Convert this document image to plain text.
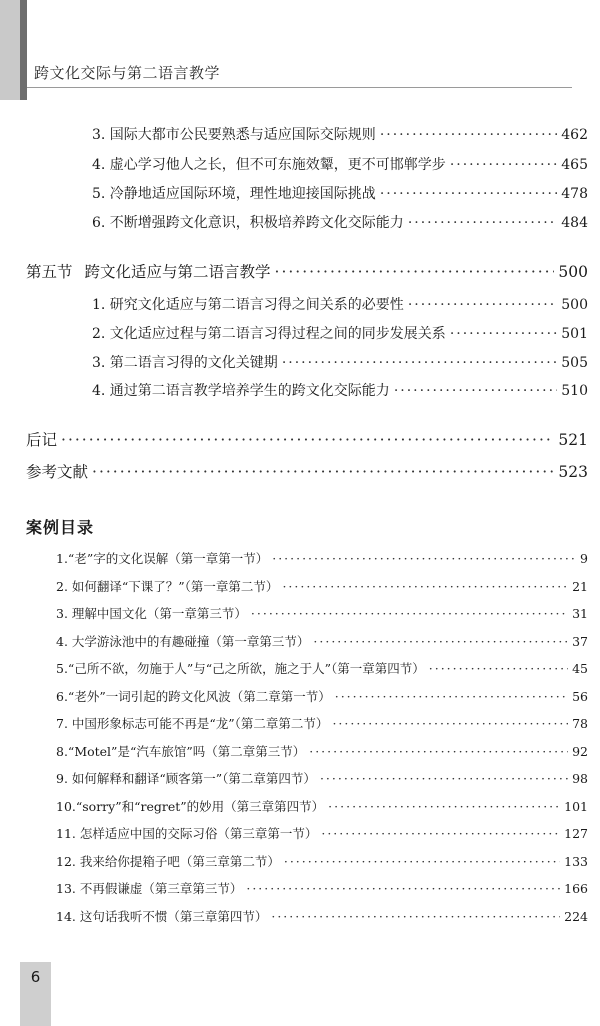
跨文化交际与第二语言教学
3. 国际大都市公民要熟悉与适应国际交际规则 ·····	462
4. 虚心学习他人之长，但不可东施效颦，更不可邯郸学步 ·····	465
5. 冷静地适应国际环境，理性地迎接国际挑战 ·····	478
6. 不断增强跨文化意识，积极培养跨文化交际能力 ·····	484
第五节 跨文化适应与第二语言教学 ·····	500
1. 研究文化适应与第二语言习得之间关系的必要性 ·····	500
2. 文化适应过程与第二语言习得过程之间的同步发展关系 ·····	501
3. 第二语言习得的文化关键期 ·····	505
4. 通过第二语言教学培养学生的跨文化交际能力 ·····	510
后记 ·····	521
参考文献 ·····	523
案例目录
1.“老”字的文化误解（第一章第一节） ·····	9
2. 如何翻译“下课了？”（第一章第二节） ·····	21
3. 理解中国文化（第一章第三节） ·····	31
4. 大学游泳池中的有趣碰撞（第一章第三节） ·····	37
5.“己所不欲，勿施于人”与“己之所欲，施之于人”（第一章第四节） ·····	45
6.“老外”一词引起的跨文化风波（第二章第一节） ·····	56
7. 中国形象标志可能不再是“龙”（第二章第二节） ·····	78
8.“Motel”是“汽车旅馆”吗（第二章第三节） ·····	92
9. 如何解释和翻译“顾客第一”（第二章第四节） ·····	98
10.“sorry”和“regret”的妙用（第三章第四节） ·····	101
11. 怎样适应中国的交际习俗（第三章第一节） ·····	127
12. 我来给你提箱子吧（第三章第二节） ·····	133
13. 不再假谦虚（第三章第三节） ·····	166
14. 这句话我听不惯（第三章第四节） ·····	224
6
